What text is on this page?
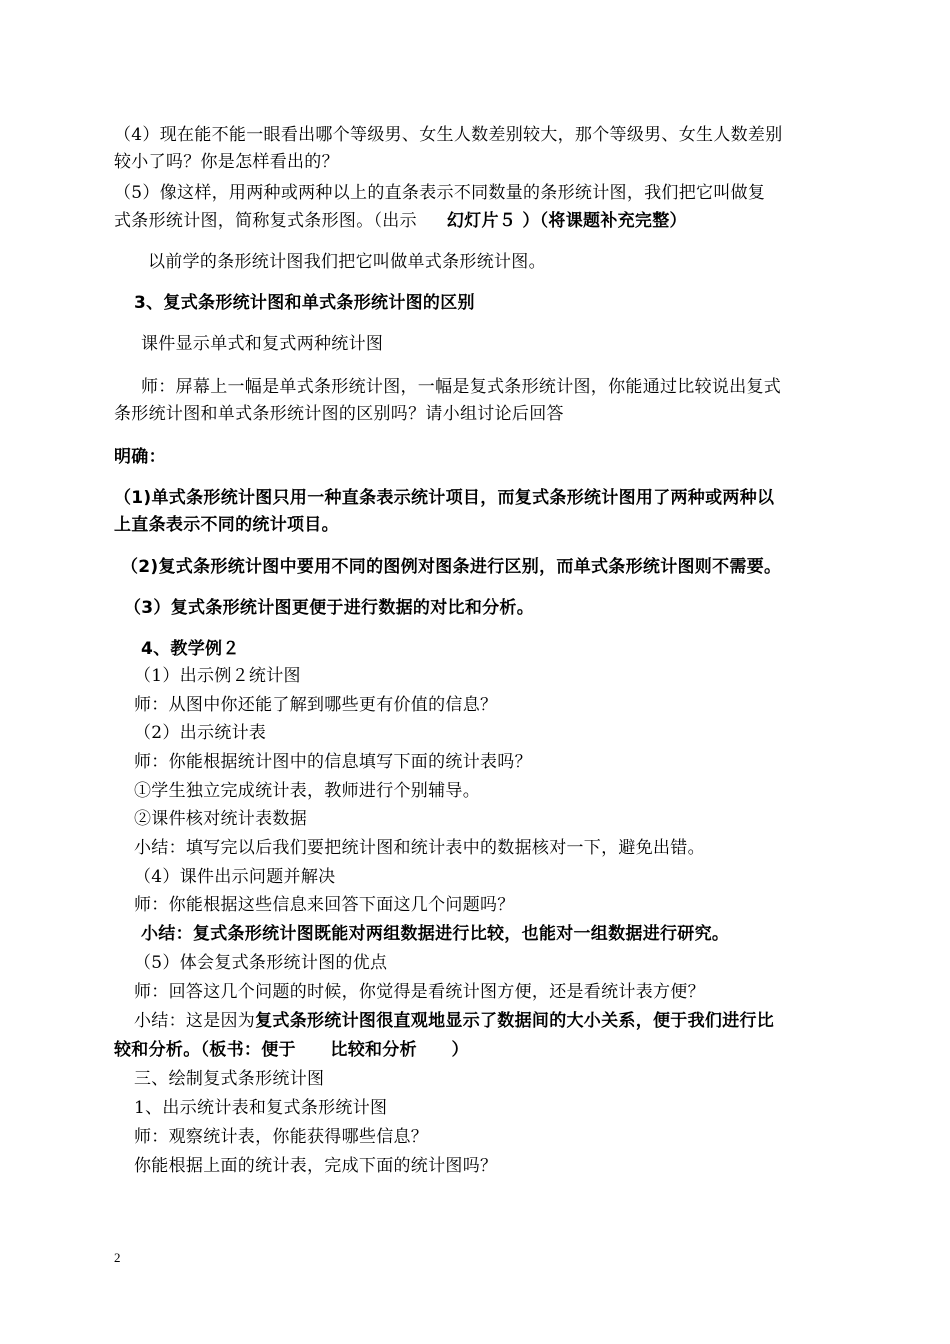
（4）现在能不能一眼看出哪个等级男、女生人数差别较大，那个等级男、女生人数差别
较小了吗？你是怎样看出的？
（5）像这样，用两种或两种以上的直条表示不同数量的条形统计图，我们把它叫做复
式条形统计图，简称复式条形图。（出示 幻灯片５ ）（将课题补充完整）
以前学的条形统计图我们把它叫做单式条形统计图。
3、复式条形统计图和单式条形统计图的区别
课件显示单式和复式两种统计图
师：屏幕上一幅是单式条形统计图，一幅是复式条形统计图，你能通过比较说出复式
条形统计图和单式条形统计图的区别吗？请小组讨论后回答
明确：
（1)单式条形统计图只用一种直条表示统计项目，而复式条形统计图用了两种或两种以
上直条表示不同的统计项目。
（2)复式条形统计图中要用不同的图例对图条进行区别，而单式条形统计图则不需要。
（3）复式条形统计图更便于进行数据的对比和分析。
4、教学例２
（1）出示例２统计图
师：从图中你还能了解到哪些更有价值的信息？
（2）出示统计表
师：你能根据统计图中的信息填写下面的统计表吗？
①学生独立完成统计表，教师进行个别辅导。
②课件核对统计表数据
小结：填写完以后我们要把统计图和统计表中的数据核对一下，避免出错。
（4）课件出示问题并解决
师：你能根据这些信息来回答下面这几个问题吗？
小结：复式条形统计图既能对两组数据进行比较，也能对一组数据进行研究。
（5）体会复式条形统计图的优点
师：回答这几个问题的时候，你觉得是看统计图方便，还是看统计表方便？
小结：这是因为复式条形统计图很直观地显示了数据间的大小关系，便于我们进行比
较和分析。（板书：便于　　比较和分析　　）
三、绘制复式条形统计图
1、出示统计表和复式条形统计图
师：观察统计表，你能获得哪些信息？
你能根据上面的统计表，完成下面的统计图吗？
2
